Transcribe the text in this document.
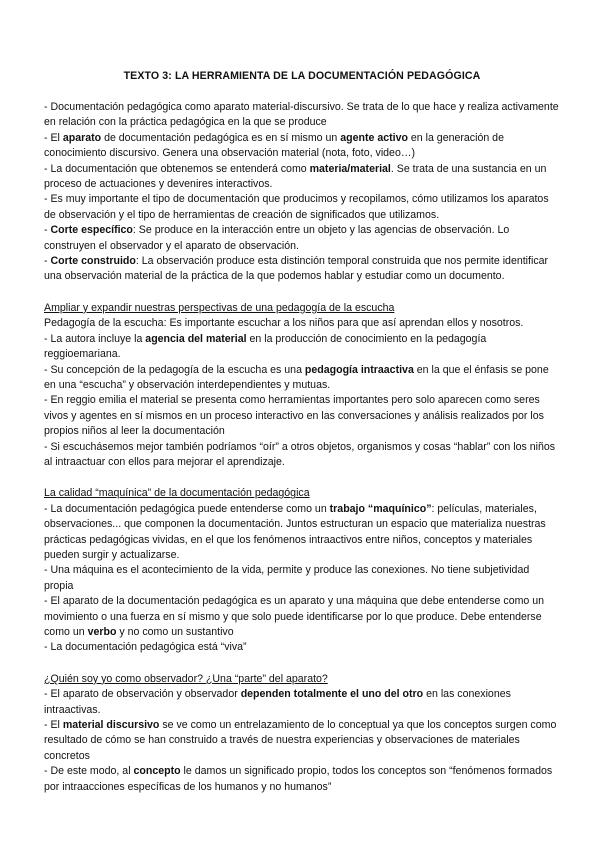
TEXTO 3: LA HERRAMIENTA DE LA DOCUMENTACIÓN PEDAGÓGICA

- Documentación pedagógica como aparato material-discursivo. Se trata de lo que hace y realiza activamente en relación con la práctica pedagógica en la que se produce

- El aparato de documentación pedagógica es en sí mismo un agente activo en la generación de conocimiento discursivo. Genera una observación material (nota, foto, video…)

- La documentación que obtenemos se entenderá como materia/material. Se trata de una sustancia en un proceso de actuaciones y devenires interactivos.

- Es muy importante el tipo de documentación que producimos y recopilamos, cómo utilizamos los aparatos de observación y el tipo de herramientas de creación de significados que utilizamos.

- Corte específico: Se produce en la interacción entre un objeto y las agencias de observación. Lo construyen el observador y el aparato de observación.

- Corte construido: La observación produce esta distinción temporal construida que nos permite identificar una observación material de la práctica de la que podemos hablar y estudiar como un documento.

Ampliar y expandir nuestras perspectivas de una pedagogía de la escucha

Pedagogía de la escucha: Es importante escuchar a los niños para que así aprendan ellos y nosotros.

- La autora incluye la agencia del material en la producción de conocimiento en la pedagogía reggioemariana.

- Su concepción de la pedagogía de la escucha es una pedagogía intraactiva en la que el énfasis se pone en una “escucha” y observación interdependientes y mutuas.

- En reggio emilia el material se presenta como herramientas importantes pero solo aparecen como seres vivos y agentes en sí mismos en un proceso interactivo en las conversaciones y análisis realizados por los propios niños al leer la documentación

- Si escuchásemos mejor también podríamos “oír” a otros objetos, organismos y cosas “hablar” con los niños al intraactuar con ellos para mejorar el aprendizaje.

La calidad “maquínica” de la documentación pedagógica

- La documentación pedagógica puede entenderse como un trabajo “maquínico”: películas, materiales, observaciones... que componen la documentación. Juntos estructuran un espacio que materializa nuestras prácticas pedagógicas vividas, en el que los fenómenos intraactivos entre niños, conceptos y materiales pueden surgir y actualizarse.

- Una máquina es el acontecimiento de la vida, permite y produce las conexiones. No tiene subjetividad propia

- El aparato de la documentación pedagógica es un aparato y una máquina que debe entenderse como un movimiento o una fuerza en sí mismo y que solo puede identificarse por lo que produce. Debe entenderse como un verbo y no como un sustantivo

- La documentación pedagógica está “viva”

¿Quién soy yo como observador? ¿Una “parte” del aparato?

- El aparato de observación y observador dependen totalmente el uno del otro en las conexiones intraactivas.

- El material discursivo se ve como un entrelazamiento de lo conceptual ya que los conceptos surgen como resultado de cómo se han construido a través de nuestra experiencias y observaciones de materiales concretos

- De este modo, al concepto le damos un significado propio, todos los conceptos son “fenómenos formados por intraacciones específicas de los humanos y no humanos”
